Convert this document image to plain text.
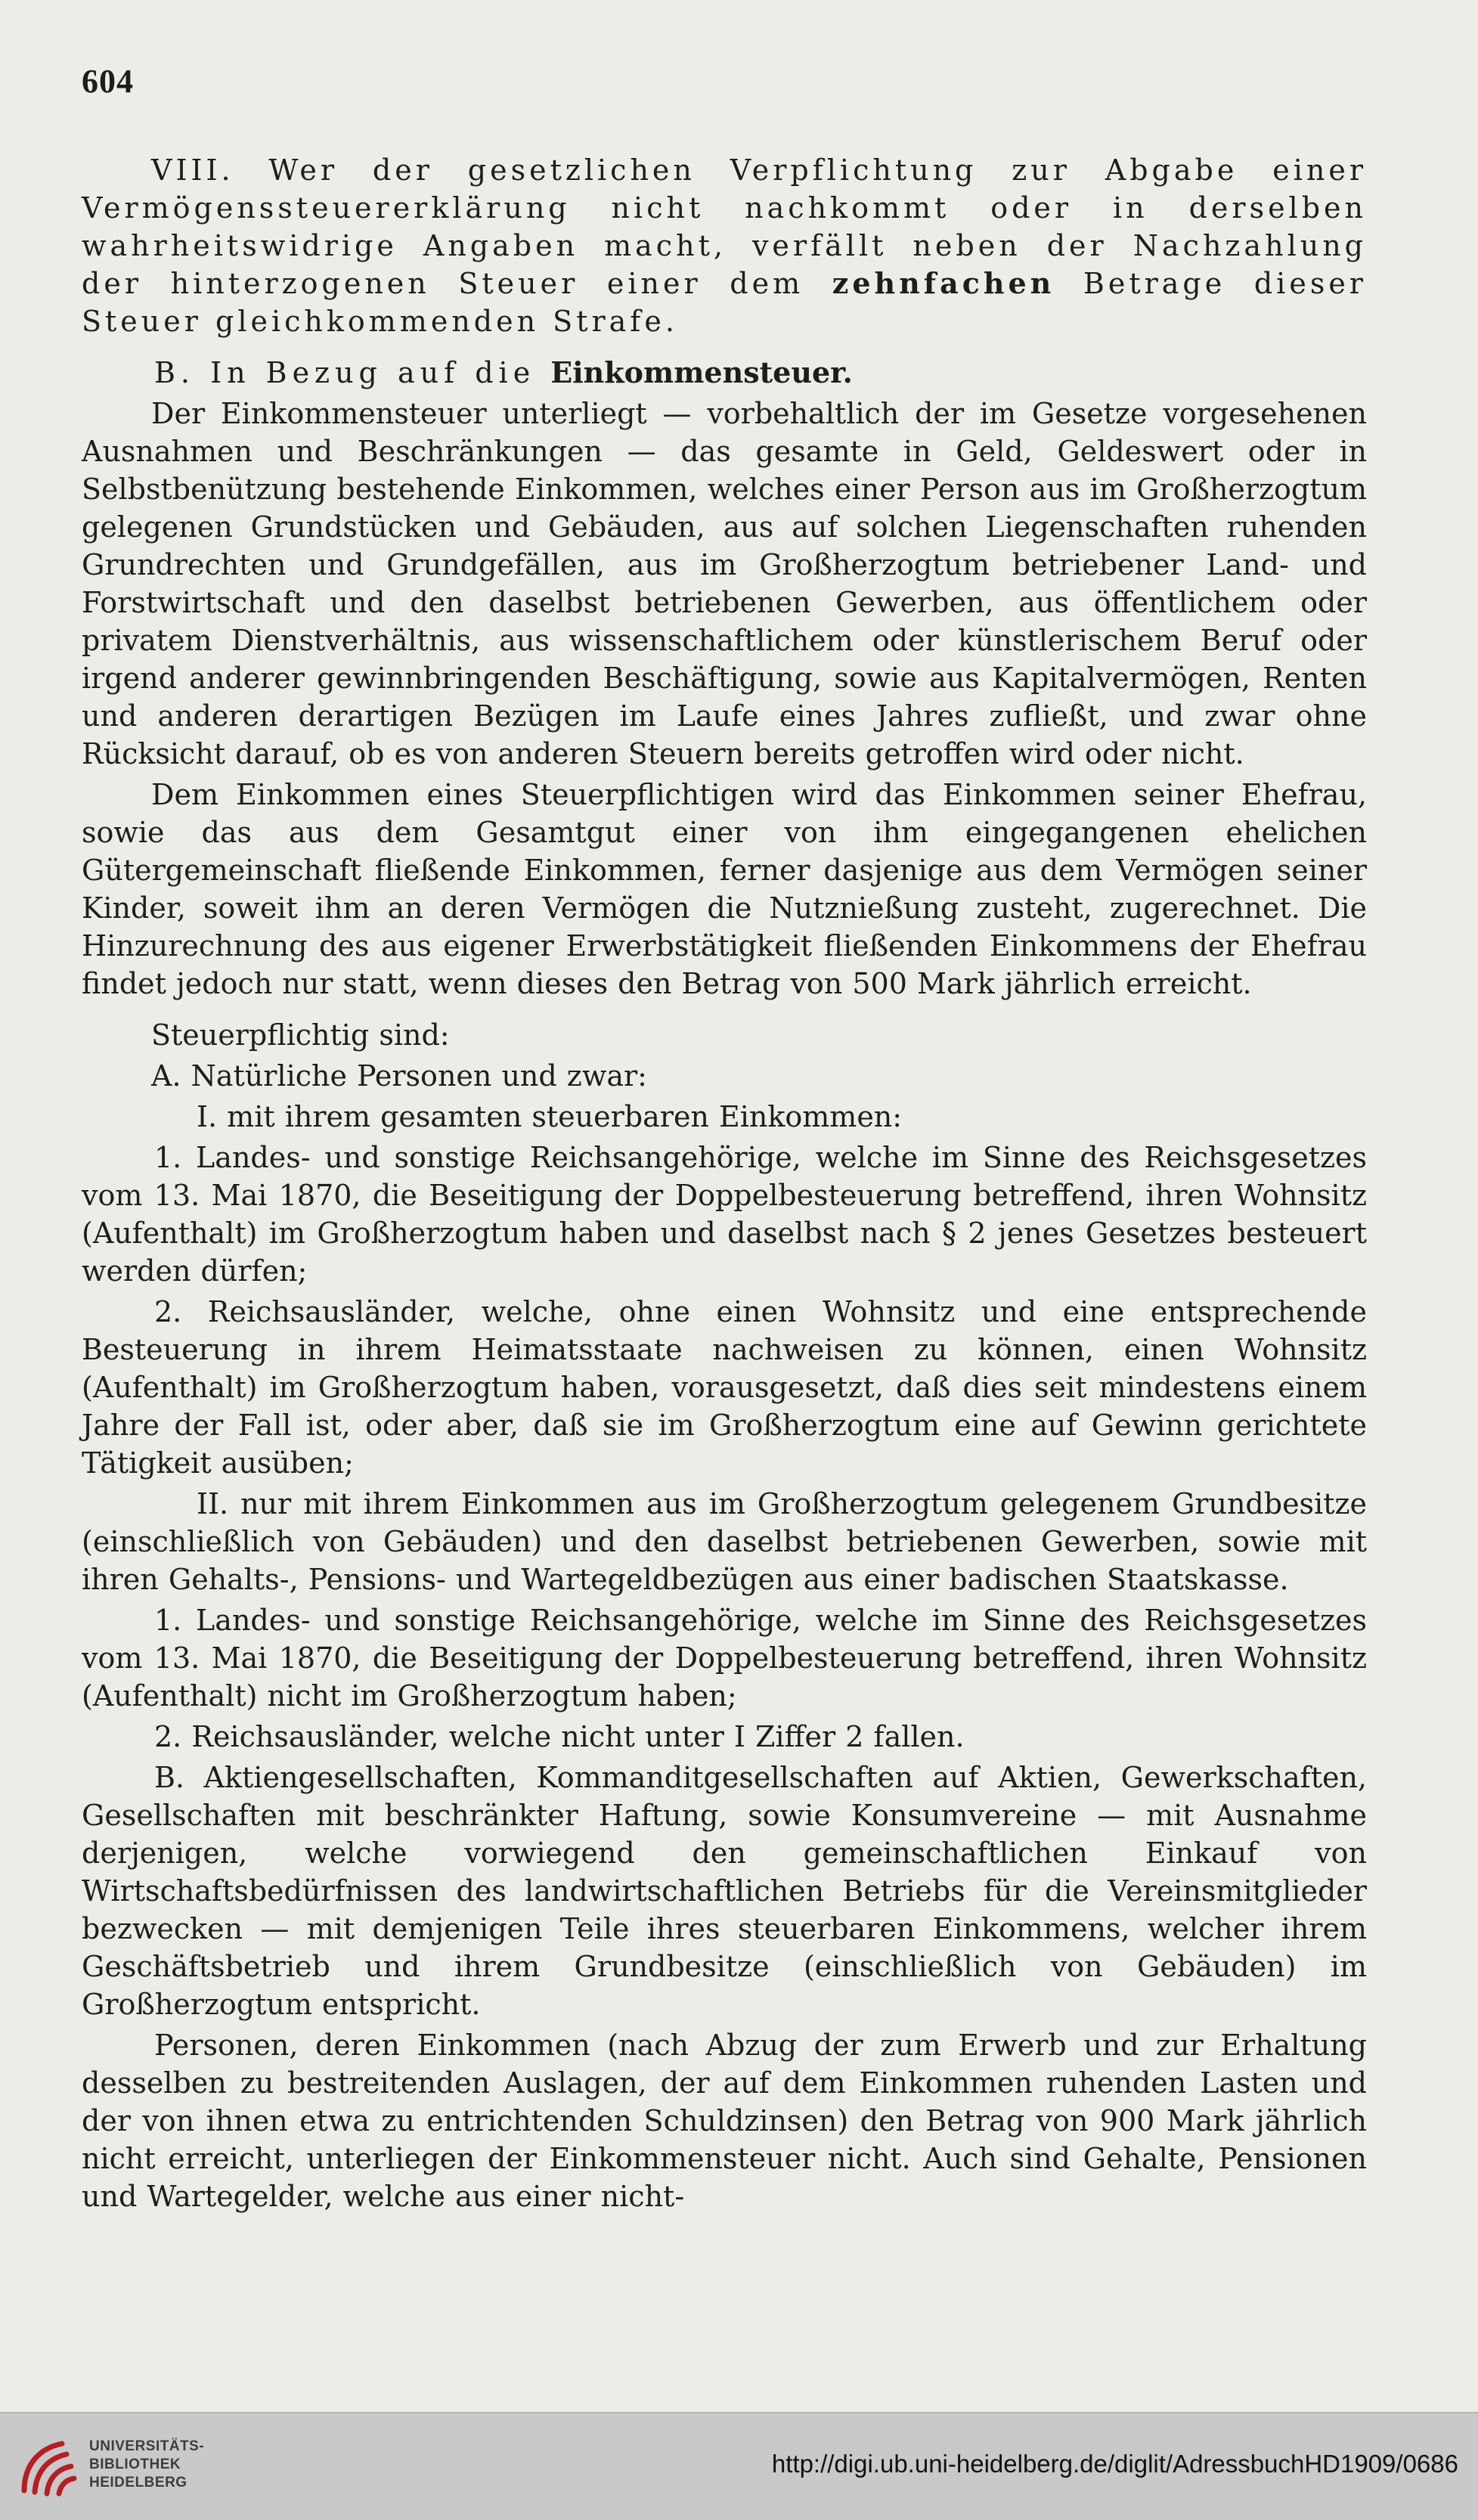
604

VIII. Wer der gesetzlichen Verpflichtung zur Abgabe einer Vermögenssteuererklärung nicht nachkommt oder in derselben wahrheitswidrige Angaben macht, verfällt neben der Nachzahlung der hinterzogenen Steuer einer dem zehnfachen Betrage dieser Steuer gleichkommenden Strafe.

B. In Bezug auf die Einkommensteuer.

Der Einkommensteuer unterliegt — vorbehaltlich der im Gesetze vorgesehenen Ausnahmen und Beschränkungen — das gesamte in Geld, Geldeswert oder in Selbstbenützung bestehende Einkommen, welches einer Person aus im Großherzogtum gelegenen Grundstücken und Gebäuden, aus auf solchen Liegenschaften ruhenden Grundrechten und Grundgefällen, aus im Großherzogtum betriebener Land- und Forstwirtschaft und den daselbst betriebenen Gewerben, aus öffentlichem oder privatem Dienstverhältnis, aus wissenschaftlichem oder künstlerischem Beruf oder irgend anderer gewinnbringenden Beschäftigung, sowie aus Kapitalvermögen, Renten und anderen derartigen Bezügen im Laufe eines Jahres zufließt, und zwar ohne Rücksicht darauf, ob es von anderen Steuern bereits getroffen wird oder nicht.

Dem Einkommen eines Steuerpflichtigen wird das Einkommen seiner Ehefrau, sowie das aus dem Gesamtgut einer von ihm eingegangenen ehelichen Gütergemeinschaft fließende Einkommen, ferner dasjenige aus dem Vermögen seiner Kinder, soweit ihm an deren Vermögen die Nutznießung zusteht, zugerechnet. Die Hinzurechnung des aus eigener Erwerbstätigkeit fließenden Einkommens der Ehefrau findet jedoch nur statt, wenn dieses den Betrag von 500 Mark jährlich erreicht.

Steuerpflichtig sind:

A. Natürliche Personen und zwar:

I. mit ihrem gesamten steuerbaren Einkommen:

1. Landes- und sonstige Reichsangehörige, welche im Sinne des Reichsgesetzes vom 13. Mai 1870, die Beseitigung der Doppelbesteuerung betreffend, ihren Wohnsitz (Aufenthalt) im Großherzogtum haben und daselbst nach § 2 jenes Gesetzes besteuert werden dürfen;

2. Reichsausländer, welche, ohne einen Wohnsitz und eine entsprechende Besteuerung in ihrem Heimatsstaate nachweisen zu können, einen Wohnsitz (Aufenthalt) im Großherzogtum haben, vorausgesetzt, daß dies seit mindestens einem Jahre der Fall ist, oder aber, daß sie im Großherzogtum eine auf Gewinn gerichtete Tätigkeit ausüben;

II. nur mit ihrem Einkommen aus im Großherzogtum gelegenem Grundbesitze (einschließlich von Gebäuden) und den daselbst betriebenen Gewerben, sowie mit ihren Gehalts-, Pensions- und Wartegeldbezügen aus einer badischen Staatskasse.

1. Landes- und sonstige Reichsangehörige, welche im Sinne des Reichsgesetzes vom 13. Mai 1870, die Beseitigung der Doppelbesteuerung betreffend, ihren Wohnsitz (Aufenthalt) nicht im Großherzogtum haben;

2. Reichsausländer, welche nicht unter I Ziffer 2 fallen.

B. Aktiengesellschaften, Kommanditgesellschaften auf Aktien, Gewerkschaften, Gesellschaften mit beschränkter Haftung, sowie Konsumvereine — mit Ausnahme derjenigen, welche vorwiegend den gemeinschaftlichen Einkauf von Wirtschaftsbedürfnissen des landwirtschaftlichen Betriebs für die Vereinsmitglieder bezwecken — mit demjenigen Teile ihres steuerbaren Einkommens, welcher ihrem Geschäftsbetrieb und ihrem Grundbesitze (einschließlich von Gebäuden) im Großherzogtum entspricht.

Personen, deren Einkommen (nach Abzug der zum Erwerb und zur Erhaltung desselben zu bestreitenden Auslagen, der auf dem Einkommen ruhenden Lasten und der von ihnen etwa zu entrichtenden Schuldzinsen) den Betrag von 900 Mark jährlich nicht erreicht, unterliegen der Einkommensteuer nicht. Auch sind Gehalte, Pensionen und Wartegelder, welche aus einer nicht-

UNIVERSITÄTS-
BIBLIOTHEK
HEIDELBERG
http://digi.ub.uni-heidelberg.de/diglit/AdressbuchHD1909/0686
